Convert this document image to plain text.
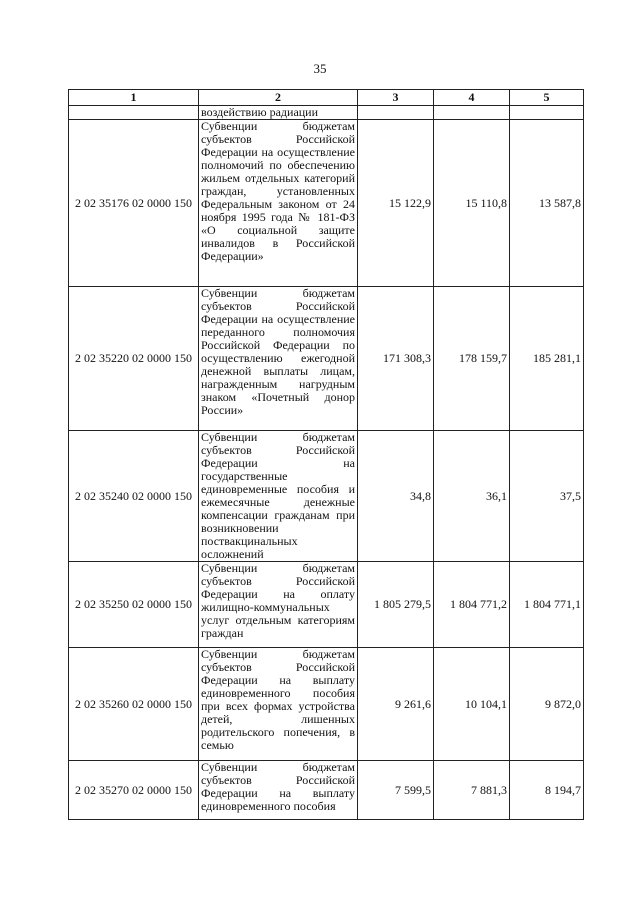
35
1	2	3	4	5
	воздействию радиации			
2 02 35176 02 0000 150	Субвенции бюджетам субъектов Российской Федерации на осуществление полномочий по обеспечению жильем отдельных категорий граждан, установленных Федеральным законом от 24 ноября 1995 года № 181-ФЗ «О социальной защите инвалидов в Российской Федерации»	15 122,9	15 110,8	13 587,8
2 02 35220 02 0000 150	Субвенции бюджетам субъектов Российской Федерации на осуществление переданного полномочия Российской Федерации по осуществлению ежегодной денежной выплаты лицам, награжденным нагрудным знаком «Почетный донор России»	171 308,3	178 159,7	185 281,1
2 02 35240 02 0000 150	Субвенции бюджетам субъектов Российской Федерации на государственные единовременные пособия и ежемесячные денежные компенсации гражданам при возникновении поствакцинальных осложнений	34,8	36,1	37,5
2 02 35250 02 0000 150	Субвенции бюджетам субъектов Российской Федерации на оплату жилищно-коммунальных услуг отдельным категориям граждан	1 805 279,5	1 804 771,2	1 804 771,1
2 02 35260 02 0000 150	Субвенции бюджетам субъектов Российской Федерации на выплату единовременного пособия при всех формах устройства детей, лишенных родительского попечения, в семью	9 261,6	10 104,1	9 872,0
2 02 35270 02 0000 150	Субвенции бюджетам субъектов Российской Федерации на выплату единовременного пособия	7 599,5	7 881,3	8 194,7
